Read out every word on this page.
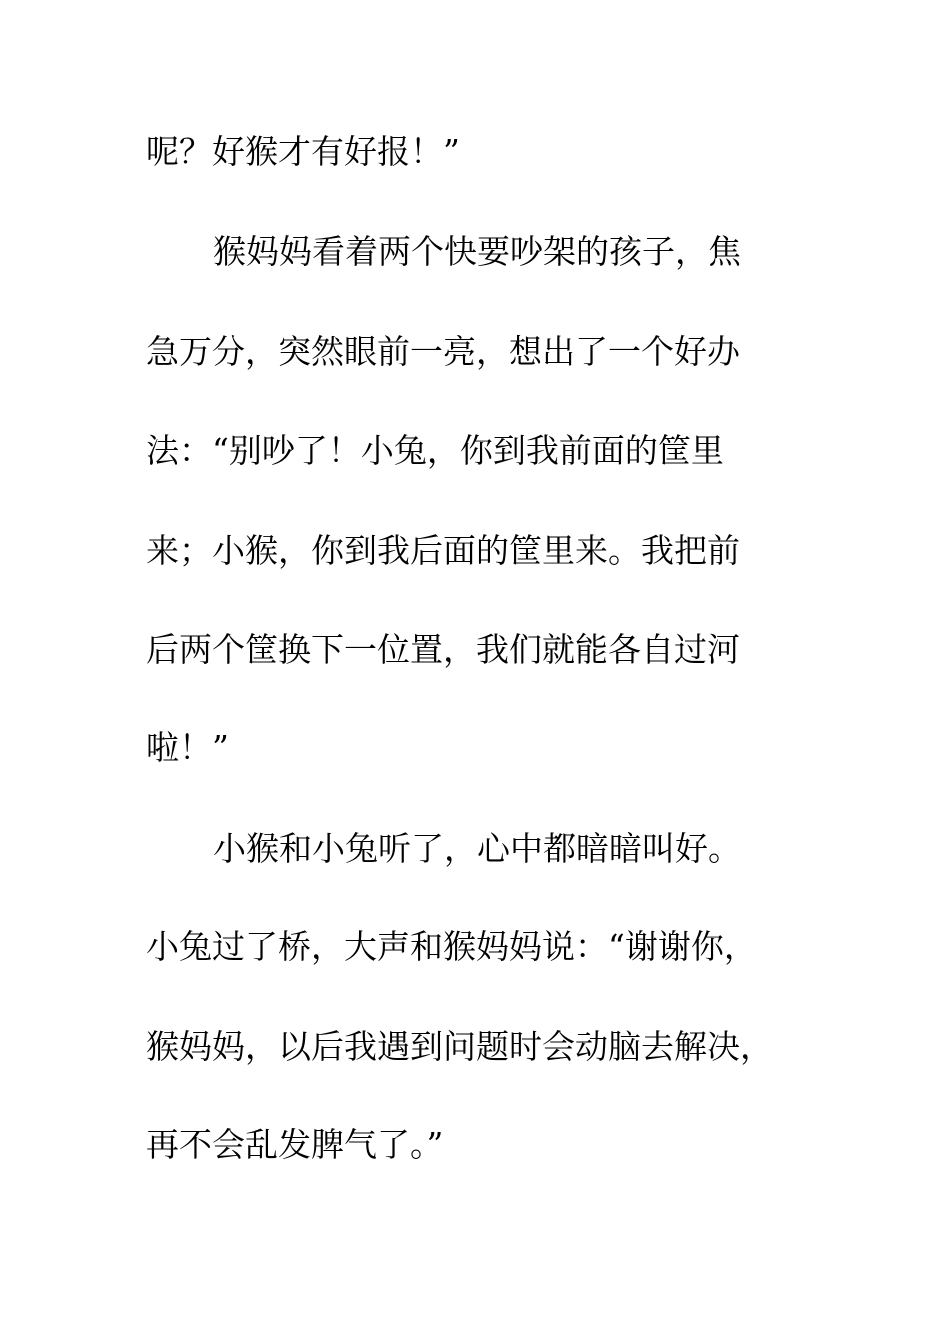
呢？好猴才有好报！”
猴妈妈看着两个快要吵架的孩子，焦
急万分，突然眼前一亮，想出了一个好办
法：“别吵了！小兔，你到我前面的筐里
来；小猴，你到我后面的筐里来。我把前
后两个筐换下一位置，我们就能各自过河
啦！”
小猴和小兔听了，心中都暗暗叫好。
小兔过了桥，大声和猴妈妈说：“谢谢你，
猴妈妈，以后我遇到问题时会动脑去解决，
再不会乱发脾气了。”
